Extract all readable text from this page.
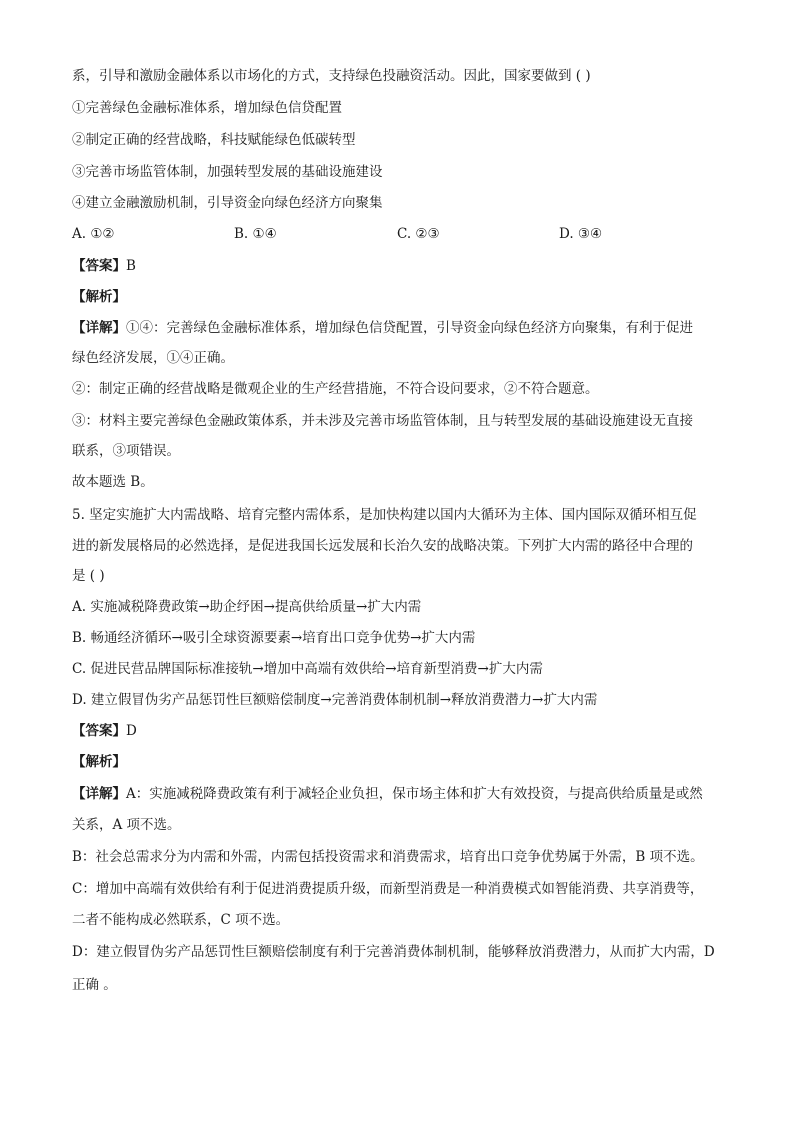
系，引导和激励金融体系以市场化的方式，支持绿色投融资活动。因此，国家要做到 ( )
①完善绿色金融标准体系，增加绿色信贷配置
②制定正确的经营战略，科技赋能绿色低碳转型
③完善市场监管体制，加强转型发展的基础设施建设
④建立金融激励机制，引导资金向绿色经济方向聚集
A. ①②	B. ①④	C. ②③	D. ③④
【答案】B
【解析】
【详解】①④：完善绿色金融标准体系，增加绿色信贷配置，引导资金向绿色经济方向聚集，有利于促进
绿色经济发展，①④正确。
②：制定正确的经营战略是微观企业的生产经营措施，不符合设问要求，②不符合题意。
③：材料主要完善绿色金融政策体系，并未涉及完善市场监管体制，且与转型发展的基础设施建设无直接
联系，③项错误。
故本题选 B。
5. 坚定实施扩大内需战略、培育完整内需体系，是加快构建以国内大循环为主体、国内国际双循环相互促
进的新发展格局的必然选择，是促进我国长远发展和长治久安的战略决策。下列扩大内需的路径中合理的
是 ( )
A. 实施减税降费政策→助企纾困→提高供给质量→扩大内需
B. 畅通经济循环→吸引全球资源要素→培育出口竞争优势→扩大内需
C. 促进民营品牌国际标准接轨→增加中高端有效供给→培育新型消费→扩大内需
D. 建立假冒伪劣产品惩罚性巨额赔偿制度→完善消费体制机制→释放消费潜力→扩大内需
【答案】D
【解析】
【详解】A：实施减税降费政策有利于减轻企业负担，保市场主体和扩大有效投资，与提高供给质量是或然
关系，A 项不选。
B：社会总需求分为内需和外需，内需包括投资需求和消费需求，培育出口竞争优势属于外需，B 项不选。
C：增加中高端有效供给有利于促进消费提质升级，而新型消费是一种消费模式如智能消费、共享消费等，
二者不能构成必然联系，C 项不选。
D：建立假冒伪劣产品惩罚性巨额赔偿制度有利于完善消费体制机制，能够释放消费潜力，从而扩大内需，D
正确 。
